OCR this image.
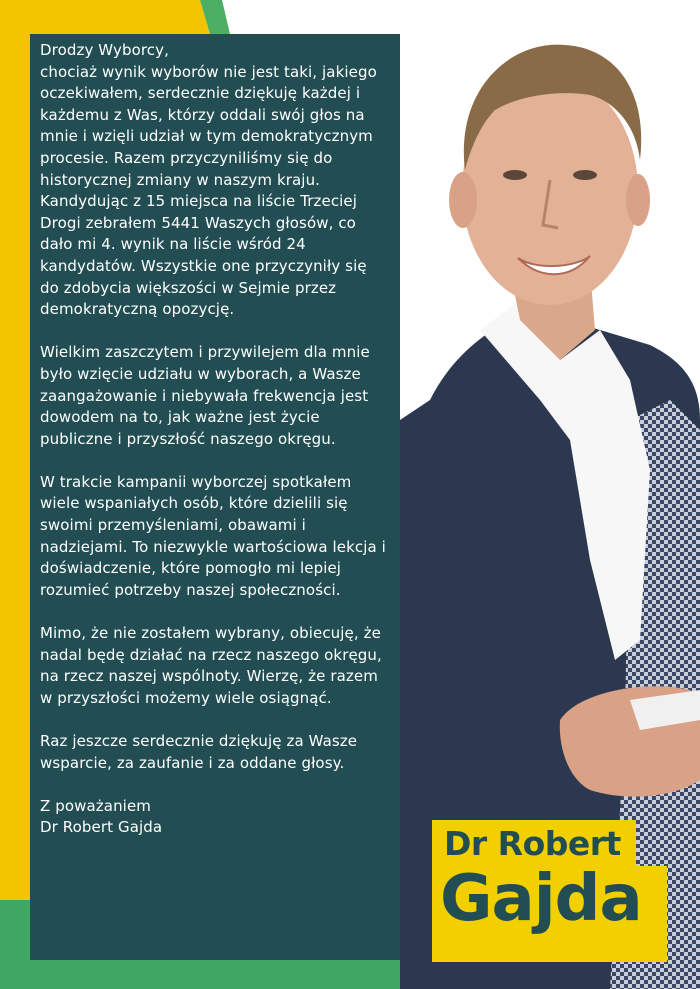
Drodzy Wyborcy,
chociaż wynik wyborów nie jest taki, jakiego oczekiwałem, serdecznie dziękuję każdej i każdemu z Was, którzy oddali swój głos na mnie i wzięli udział w tym demokratycznym procesie. Razem przyczyniliśmy się do historycznej zmiany w naszym kraju. Kandydując z 15 miejsca na liście Trzeciej Drogi zebrałem 5441 Waszych głosów, co dało mi 4. wynik na liście wśród 24 kandydatów. Wszystkie one przyczyniły się do zdobycia większości w Sejmie przez demokratyczną opozycję.

Wielkim zaszczytem i przywilejem dla mnie było wzięcie udziału w wyborach, a Wasze zaangażowanie i niebywała frekwencja jest dowodem na to, jak ważne jest życie publiczne i przyszłość naszego okręgu.

W trakcie kampanii wyborczej spotkałem wiele wspaniałych osób, które dzielili się swoimi przemyśleniami, obawami i nadziejami. To niezwykle wartościowa lekcja i doświadczenie, które pomogło mi lepiej rozumieć potrzeby naszej społeczności.

Mimo, że nie zostałem wybrany, obiecuję, że nadal będę działać na rzecz naszego okręgu, na rzecz naszej wspólnoty. Wierzę, że razem w przyszłości możemy wiele osiągnąć.

Raz jeszcze serdecznie dziękuję za Wasze wsparcie, za zaufanie i za oddane głosy.

Z poważaniem
Dr Robert Gajda	Dr Robert
Gajda
